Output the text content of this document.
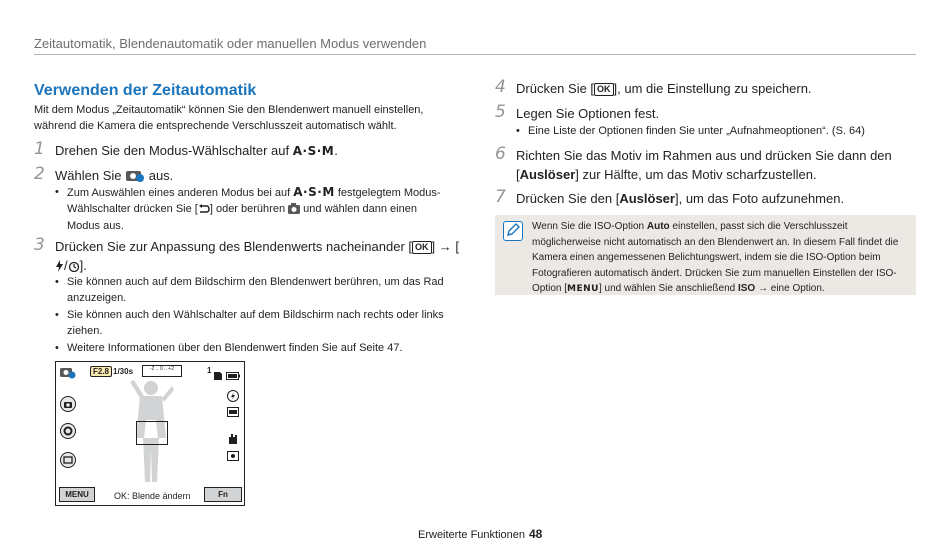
Zeitautomatik, Blendenautomatik oder manuellen Modus verwenden
Verwenden der Zeitautomatik
Mit dem Modus „Zeitautomatik“ können Sie den Blendenwert manuell einstellen, während die Kamera die entsprechende Verschlusszeit automatisch wählt.
1 Drehen Sie den Modus-Wählschalter auf A·S·M.
2 Wählen Sie  aus.
• Zum Auswählen eines anderen Modus bei auf A·S·M festgelegtem Modus-Wählschalter drücken Sie [ ] oder berühren  und wählen dann einen Modus aus.
3 Drücken Sie zur Anpassung des Blendenwerts nacheinander [ OK ] → [/ ].
• Sie können auch auf dem Bildschirm den Blendenwert berühren, um das Rad anzuzeigen.
• Sie können auch den Wählschalter auf dem Bildschirm nach rechts oder links ziehen.
• Weitere Informationen über den Blendenwert finden Sie auf Seite 47.
F2.8 1/30s	-2 .. 0 .. +2	1
MENU	OK: Blende ändern	Fn
4 Drücken Sie [ OK ], um die Einstellung zu speichern.
5 Legen Sie Optionen fest.
• Eine Liste der Optionen finden Sie unter „Aufnahmeoptionen“. (S. 64)
6 Richten Sie das Motiv im Rahmen aus und drücken Sie dann den
[Auslöser] zur Hälfte, um das Motiv scharfzustellen.
7 Drücken Sie den [Auslöser], um das Foto aufzunehmen.
Wenn Sie die ISO-Option Auto einstellen, passt sich die Verschlusszeit möglicherweise nicht automatisch an den Blendenwert an. In diesem Fall findet die Kamera einen angemessenen Belichtungswert, indem sie die ISO-Option beim Fotografieren automatisch ändert. Drücken Sie zum manuellen Einstellen der ISO-Option [MENU] und wählen Sie anschließend ISO → eine Option.
Erweiterte Funktionen 48
